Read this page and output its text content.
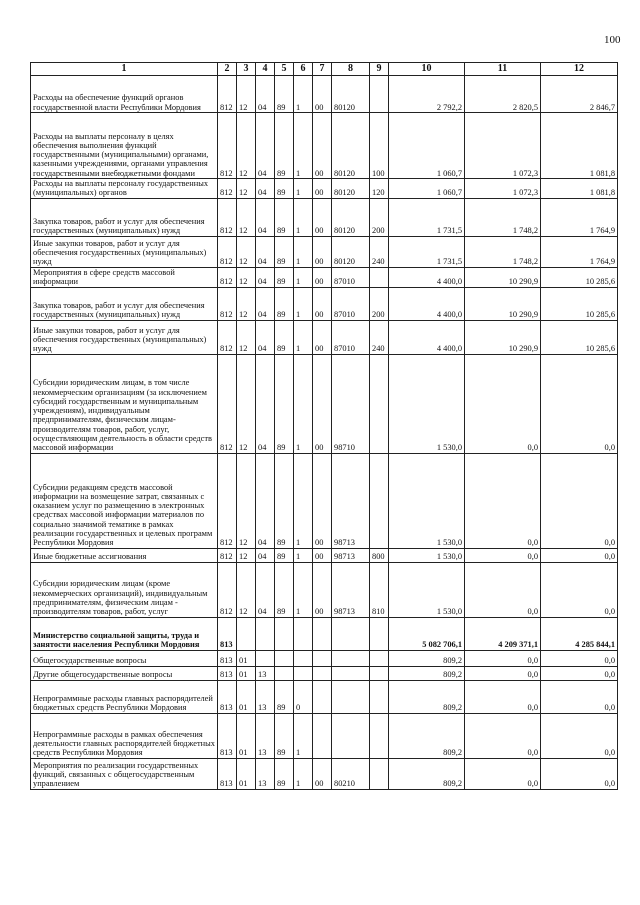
100
1	2	3	4	5	6	7	8	9	10	11	12
Расходы на обеспечение функций органов государственной власти Республики Мордовия	812	12	04	89	1	00	80120		2 792,2	2 820,5	2 846,7
Расходы на выплаты персоналу в целях обеспечения выполнения функций государственными (муниципальными) органами, казенными учреждениями, органами управления государственными внебюджетными фондами	812	12	04	89	1	00	80120	100	1 060,7	1 072,3	1 081,8
Расходы на выплаты персоналу государственных (муниципальных) органов	812	12	04	89	1	00	80120	120	1 060,7	1 072,3	1 081,8
Закупка товаров, работ и услуг для обеспечения государственных (муниципальных) нужд	812	12	04	89	1	00	80120	200	1 731,5	1 748,2	1 764,9
Иные закупки товаров, работ и услуг для обеспечения государственных (муниципальных) нужд	812	12	04	89	1	00	80120	240	1 731,5	1 748,2	1 764,9
Мероприятия в сфере средств массовой информации	812	12	04	89	1	00	87010		4 400,0	10 290,9	10 285,6
Закупка товаров, работ и услуг для обеспечения государственных (муниципальных) нужд	812	12	04	89	1	00	87010	200	4 400,0	10 290,9	10 285,6
Иные закупки товаров, работ и услуг для обеспечения государственных (муниципальных) нужд	812	12	04	89	1	00	87010	240	4 400,0	10 290,9	10 285,6
Субсидии юридическим лицам, в том числе некоммерческим организациям (за исключением субсидий государственным и муниципальным учреждениям), индивидуальным предпринимателям, физическим лицам- производителям товаров, работ, услуг, осуществляющим деятельность в области средств массовой информации	812	12	04	89	1	00	98710		1 530,0	0,0	0,0
Субсидии редакциям средств массовой информации на возмещение затрат, связанных с оказанием услуг по размещению в электронных средствах массовой информации материалов по социально значимой тематике в рамках реализации государственных и целевых программ Республики Мордовия	812	12	04	89	1	00	98713		1 530,0	0,0	0,0
Иные бюджетные ассигнования	812	12	04	89	1	00	98713	800	1 530,0	0,0	0,0
Субсидии юридическим лицам (кроме некоммерческих организаций), индивидуальным предпринимателям, физическим лицам - производителям товаров, работ, услуг	812	12	04	89	1	00	98713	810	1 530,0	0,0	0,0
Министерство социальной защиты, труда и занятости населения Республики Мордовия	813								5 082 706,1	4 209 371,1	4 285 844,1
Общегосударственные вопросы	813	01							809,2	0,0	0,0
Другие общегосударственные вопросы	813	01	13						809,2	0,0	0,0
Непрограммные расходы главных распорядителей бюджетных средств Республики Мордовия	813	01	13	89	0				809,2	0,0	0,0
Непрограммные расходы в рамках обеспечения деятельности главных распорядителей бюджетных средств Республики Мордовия	813	01	13	89	1				809,2	0,0	0,0
Мероприятия по реализации государственных функций, связанных с общегосударственным управлением	813	01	13	89	1	00	80210		809,2	0,0	0,0
